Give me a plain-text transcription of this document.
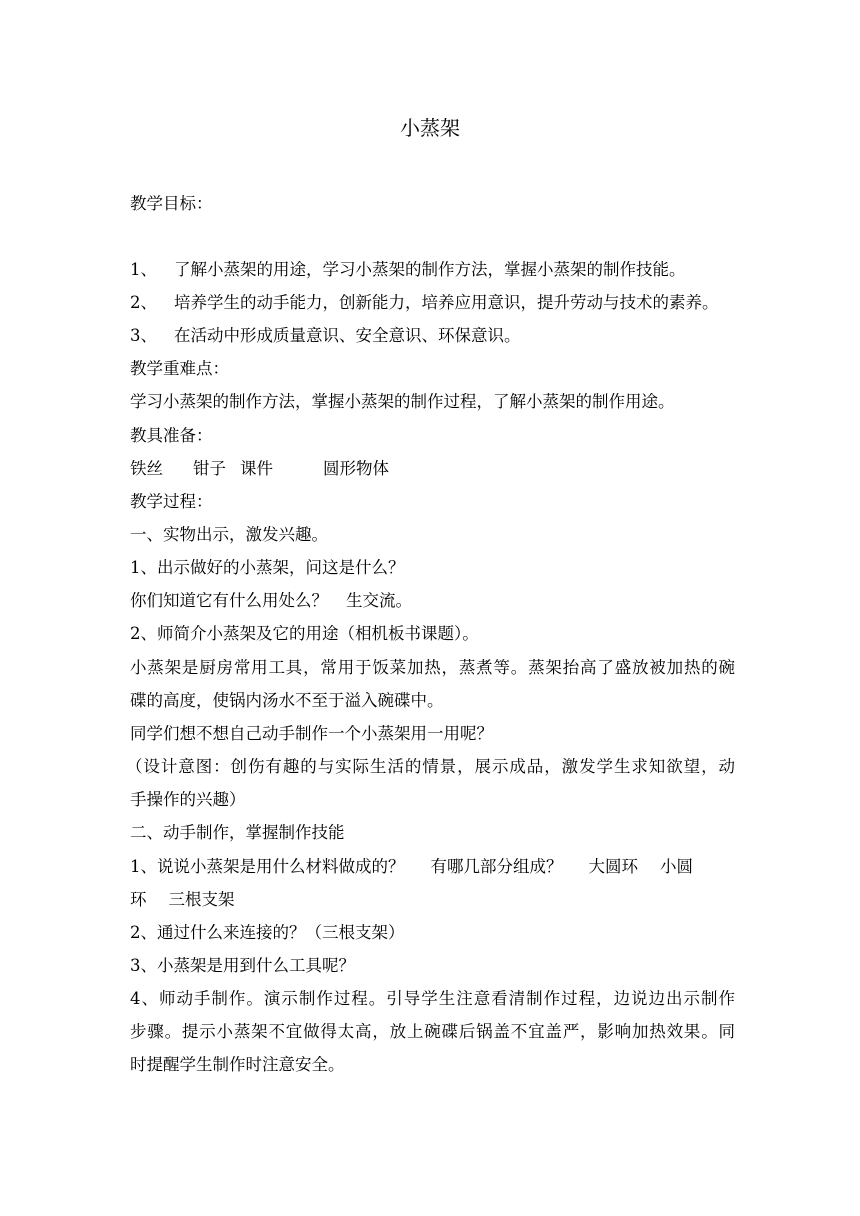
小蒸架
教学目标：
1、 了解小蒸架的用途，学习小蒸架的制作方法，掌握小蒸架的制作技能。
2、 培养学生的动手能力，创新能力，培养应用意识，提升劳动与技术的素养。
3、 在活动中形成质量意识、安全意识、环保意识。
教学重难点：
学习小蒸架的制作方法，掌握小蒸架的制作过程，了解小蒸架的制作用途。
教具准备：
铁丝 钳子 课件	圆形物体
教学过程：
一、实物出示，激发兴趣。
1、出示做好的小蒸架，问这是什么？
你们知道它有什么用处么？ 生交流。
2、师简介小蒸架及它的用途（相机板书课题）。
小蒸架是厨房常用工具，常用于饭菜加热，蒸煮等。蒸架抬高了盛放被加热的碗
碟的高度，使锅内汤水不至于溢入碗碟中。
同学们想不想自己动手制作一个小蒸架用一用呢？
（设计意图：创伤有趣的与实际生活的情景，展示成品，激发学生求知欲望，动
手操作的兴趣）
二、动手制作，掌握制作技能
1、说说小蒸架是用什么材料做成的？ 有哪几部分组成？ 大圆环 小圆
环 三根支架
2、通过什么来连接的？（三根支架）
3、小蒸架是用到什么工具呢？
4、师动手制作。演示制作过程。引导学生注意看清制作过程，边说边出示制作
步骤。提示小蒸架不宜做得太高，放上碗碟后锅盖不宜盖严，影响加热效果。同
时提醒学生制作时注意安全。
